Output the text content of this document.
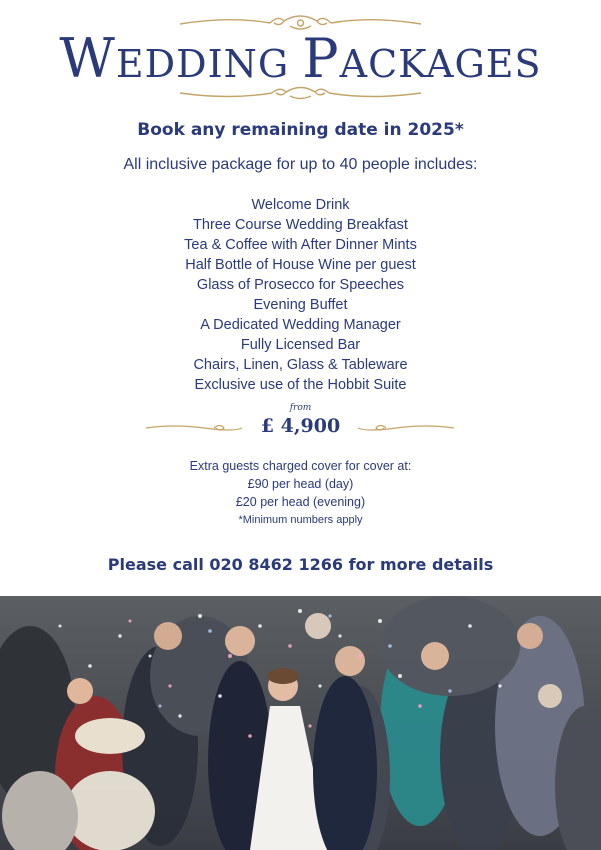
WEDDING PACKAGES
Book any remaining date in 2025*
All inclusive package for up to 40 people includes:
Welcome Drink
Three Course Wedding Breakfast
Tea & Coffee with After Dinner Mints
Half Bottle of House Wine per guest
Glass of Prosecco for Speeches
Evening Buffet
A Dedicated Wedding Manager
Fully Licensed Bar
Chairs, Linen, Glass & Tableware
Exclusive use of the Hobbit Suite
from
£ 4,900
Extra guests charged cover for cover at:
£90 per head (day)
£20 per head (evening)
*Minimum numbers apply
Please call 020 8462 1266 for more details
